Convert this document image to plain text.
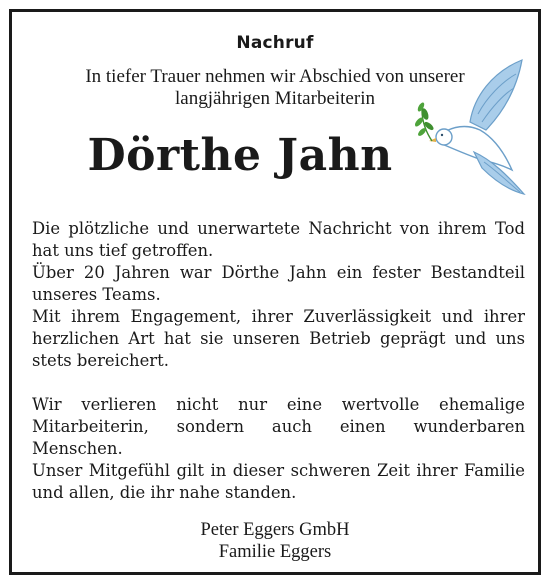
Nachruf
In tiefer Trauer nehmen wir Abschied von unserer
langjährigen Mitarbeiterin
Dörthe Jahn

Die plötzliche und unerwartete Nachricht von ihrem Tod hat uns tief getroffen.

Über 20 Jahren war Dörthe Jahn ein fester Bestandteil unseres Teams.

Mit ihrem Engagement, ihrer Zuverlässigkeit und ihrer herzlichen Art hat sie unseren Betrieb geprägt und uns stets bereichert.

Wir verlieren nicht nur eine wertvolle ehemalige Mitarbeiterin, sondern auch einen wunderbaren Menschen.

Unser Mitgefühl gilt in dieser schweren Zeit ihrer Familie und allen, die ihr nahe standen.

Peter Eggers GmbH
Familie Eggers
